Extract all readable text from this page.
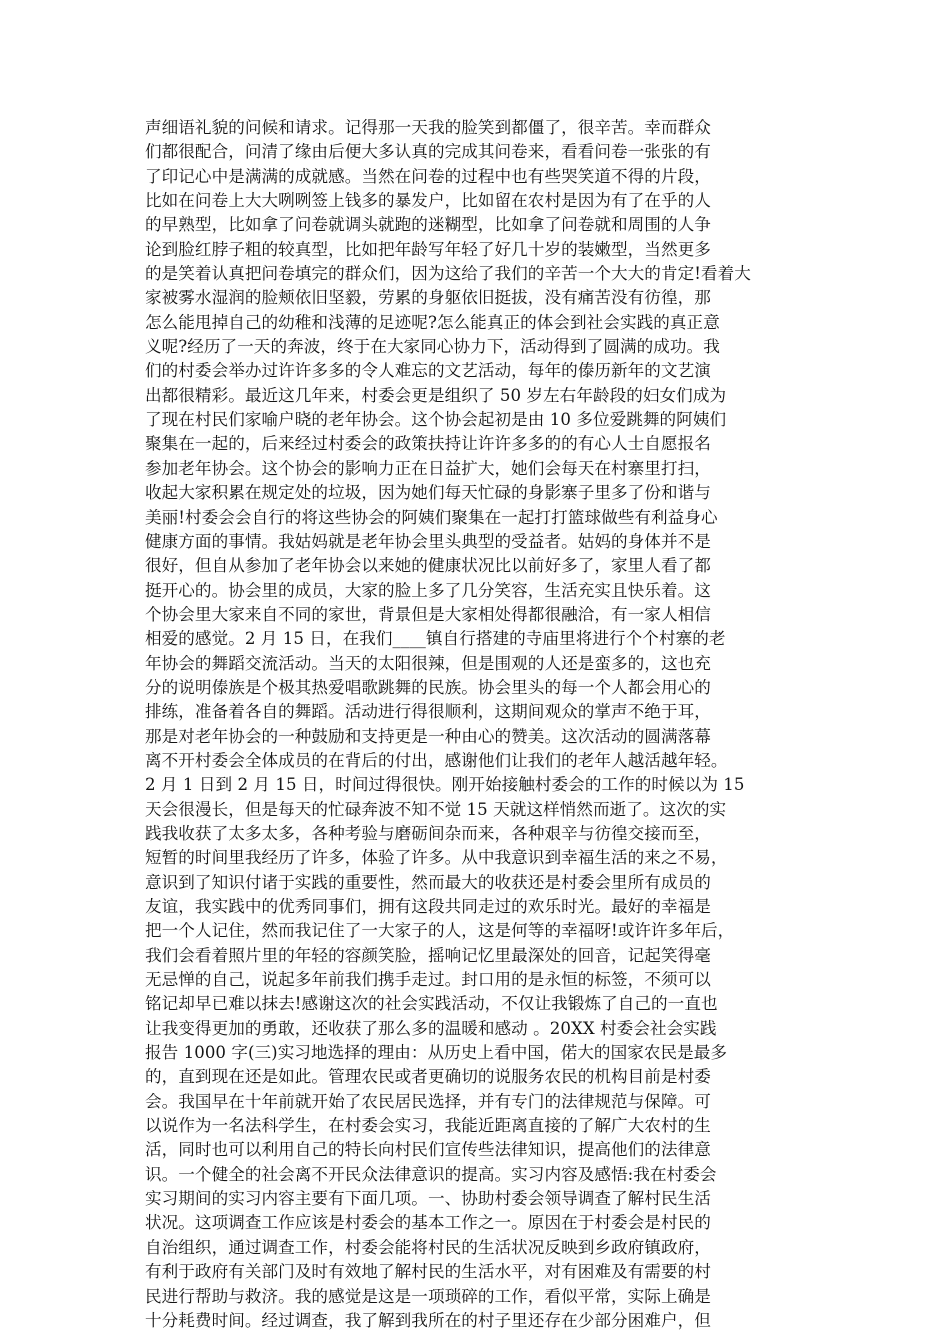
声细语礼貌的问候和请求。记得那一天我的脸笑到都僵了，很辛苦。幸而群众
们都很配合，问清了缘由后便大多认真的完成其问卷来，看看问卷一张张的有
了印记心中是满满的成就感。当然在问卷的过程中也有些哭笑道不得的片段，
比如在问卷上大大咧咧签上钱多的暴发户，比如留在农村是因为有了在乎的人
的早熟型，比如拿了问卷就调头就跑的迷糊型，比如拿了问卷就和周围的人争
论到脸红脖子粗的较真型，比如把年龄写年轻了好几十岁的装嫩型，当然更多
的是笑着认真把问卷填完的群众们，因为这给了我们的辛苦一个大大的肯定!看着大
家被雾水湿润的脸颊依旧坚毅，劳累的身躯依旧挺拔，没有痛苦没有彷徨，那
怎么能甩掉自己的幼稚和浅薄的足迹呢?怎么能真正的体会到社会实践的真正意
义呢?经历了一天的奔波，终于在大家同心协力下，活动得到了圆满的成功。我
们的村委会举办过许许多多的令人难忘的文艺活动，每年的傣历新年的文艺演
出都很精彩。最近这几年来，村委会更是组织了 50 岁左右年龄段的妇女们成为
了现在村民们家喻户晓的老年协会。这个协会起初是由 10 多位爱跳舞的阿姨们
聚集在一起的，后来经过村委会的政策扶持让许许多多的的有心人士自愿报名
参加老年协会。这个协会的影响力正在日益扩大，她们会每天在村寨里打扫，
收起大家积累在规定处的垃圾，因为她们每天忙碌的身影寨子里多了份和谐与
美丽!村委会会自行的将这些协会的阿姨们聚集在一起打打篮球做些有利益身心
健康方面的事情。我姑妈就是老年协会里头典型的受益者。姑妈的身体并不是
很好，但自从参加了老年协会以来她的健康状况比以前好多了，家里人看了都
挺开心的。协会里的成员，大家的脸上多了几分笑容，生活充实且快乐着。这
个协会里大家来自不同的家世，背景但是大家相处得都很融洽，有一家人相信
相爱的感觉。2 月 15 日，在我们____镇自行搭建的寺庙里将进行个个村寨的老
年协会的舞蹈交流活动。当天的太阳很辣，但是围观的人还是蛮多的，这也充
分的说明傣族是个极其热爱唱歌跳舞的民族。协会里头的每一个人都会用心的
排练，准备着各自的舞蹈。活动进行得很顺利，这期间观众的掌声不绝于耳，
那是对老年协会的一种鼓励和支持更是一种由心的赞美。这次活动的圆满落幕
离不开村委会全体成员的在背后的付出，感谢他们让我们的老年人越活越年轻。
2 月 1 日到 2 月 15 日，时间过得很快。刚开始接触村委会的工作的时候以为 15
天会很漫长，但是每天的忙碌奔波不知不觉 15 天就这样悄然而逝了。这次的实
践我收获了太多太多，各种考验与磨砺间杂而来，各种艰辛与彷徨交接而至，
短暂的时间里我经历了许多，体验了许多。从中我意识到幸福生活的来之不易，
意识到了知识付诸于实践的重要性，然而最大的收获还是村委会里所有成员的
友谊，我实践中的优秀同事们，拥有这段共同走过的欢乐时光。最好的幸福是
把一个人记住，然而我记住了一大家子的人，这是何等的幸福呀!或许许多年后，
我们会看着照片里的年轻的容颜笑脸，摇响记忆里最深处的回音，记起笑得毫
无忌惮的自己，说起多年前我们携手走过。封口用的是永恒的标签，不须可以
铭记却早已难以抹去!感谢这次的社会实践活动，不仅让我锻炼了自己的一直也
让我变得更加的勇敢，还收获了那么多的温暖和感动 。20XX 村委会社会实践
报告 1000 字(三)实习地选择的理由：从历史上看中国，偌大的国家农民是最多
的，直到现在还是如此。管理农民或者更确切的说服务农民的机构目前是村委
会。我国早在十年前就开始了农民居民选择，并有专门的法律规范与保障。可
以说作为一名法科学生，在村委会实习，我能近距离直接的了解广大农村的生
活，同时也可以利用自己的特长向村民们宣传些法律知识，提高他们的法律意
识。一个健全的社会离不开民众法律意识的提高。实习内容及感悟:我在村委会
实习期间的实习内容主要有下面几项。一、协助村委会领导调查了解村民生活
状况。这项调查工作应该是村委会的基本工作之一。原因在于村委会是村民的
自治组织，通过调查工作，村委会能将村民的生活状况反映到乡政府镇政府，
有利于政府有关部门及时有效地了解村民的生活水平，对有困难及有需要的村
民进行帮助与救济。我的感觉是这是一项琐碎的工作，看似平常，实际上确是
十分耗费时间。经过调查，我了解到我所在的村子里还存在少部分困难户，但
